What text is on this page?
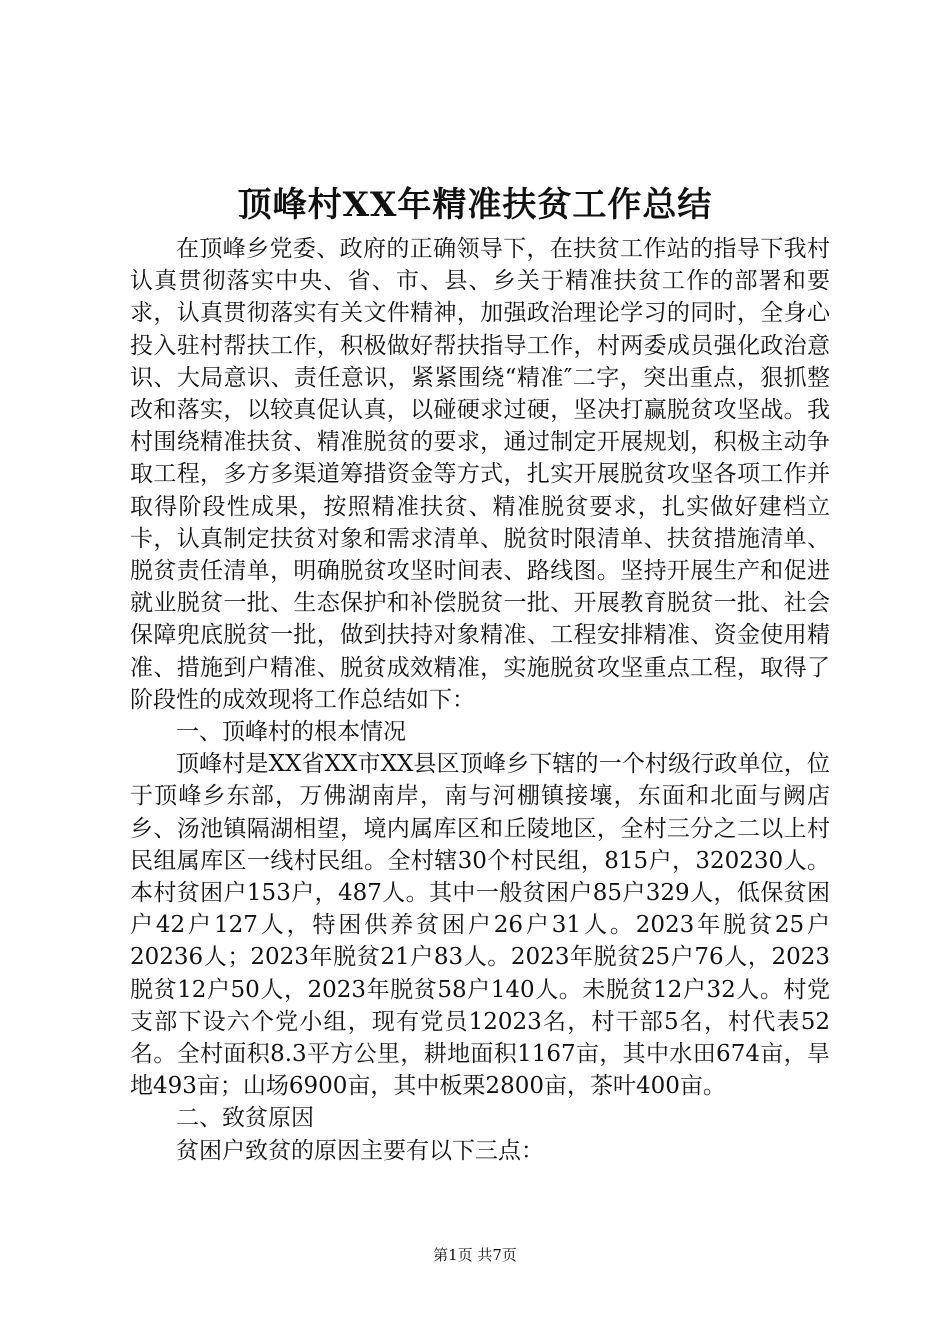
顶峰村XX年精准扶贫工作总结

在顶峰乡党委、政府的正确领导下，在扶贫工作站的指导下我村认真贯彻落实中央、省、市、县、乡关于精准扶贫工作的部署和要求，认真贯彻落实有关文件精神，加强政治理论学习的同时，全身心投入驻村帮扶工作，积极做好帮扶指导工作，村两委成员强化政治意识、大局意识、责任意识，紧紧围绕“精准″二字，突出重点，狠抓整改和落实，以较真促认真，以碰硬求过硬，坚决打赢脱贫攻坚战。我村围绕精准扶贫、精准脱贫的要求，通过制定开展规划，积极主动争取工程，多方多渠道筹措资金等方式，扎实开展脱贫攻坚各项工作并取得阶段性成果，按照精准扶贫、精准脱贫要求，扎实做好建档立卡，认真制定扶贫对象和需求清单、脱贫时限清单、扶贫措施清单、脱贫责任清单，明确脱贫攻坚时间表、路线图。坚持开展生产和促进就业脱贫一批、生态保护和补偿脱贫一批、开展教育脱贫一批、社会保障兜底脱贫一批，做到扶持对象精准、工程安排精准、资金使用精准、措施到户精准、脱贫成效精准，实施脱贫攻坚重点工程，取得了阶段性的成效现将工作总结如下：

一、顶峰村的根本情况

顶峰村是XX省XX市XX县区顶峰乡下辖的一个村级行政单位，位于顶峰乡东部，万佛湖南岸，南与河棚镇接壤，东面和北面与阙店乡、汤池镇隔湖相望，境内属库区和丘陵地区，全村三分之二以上村民组属库区一线村民组。全村辖30个村民组，815户，320230人。本村贫困户153户，487人。其中一般贫困户85户329人，低保贫困户42户127人，特困供养贫困户26户31人。2023年脱贫25户20236人；2023年脱贫21户83人。2023年脱贫25户76人，2023脱贫12户50人，2023年脱贫58户140人。未脱贫12户32人。村党支部下设六个党小组，现有党员12023名，村干部5名，村代表52名。全村面积8.3平方公里，耕地面积1167亩，其中水田674亩，旱地493亩；山场6900亩，其中板栗2800亩，茶叶400亩。

二、致贫原因

贫困户致贫的原因主要有以下三点：

第1页 共7页
